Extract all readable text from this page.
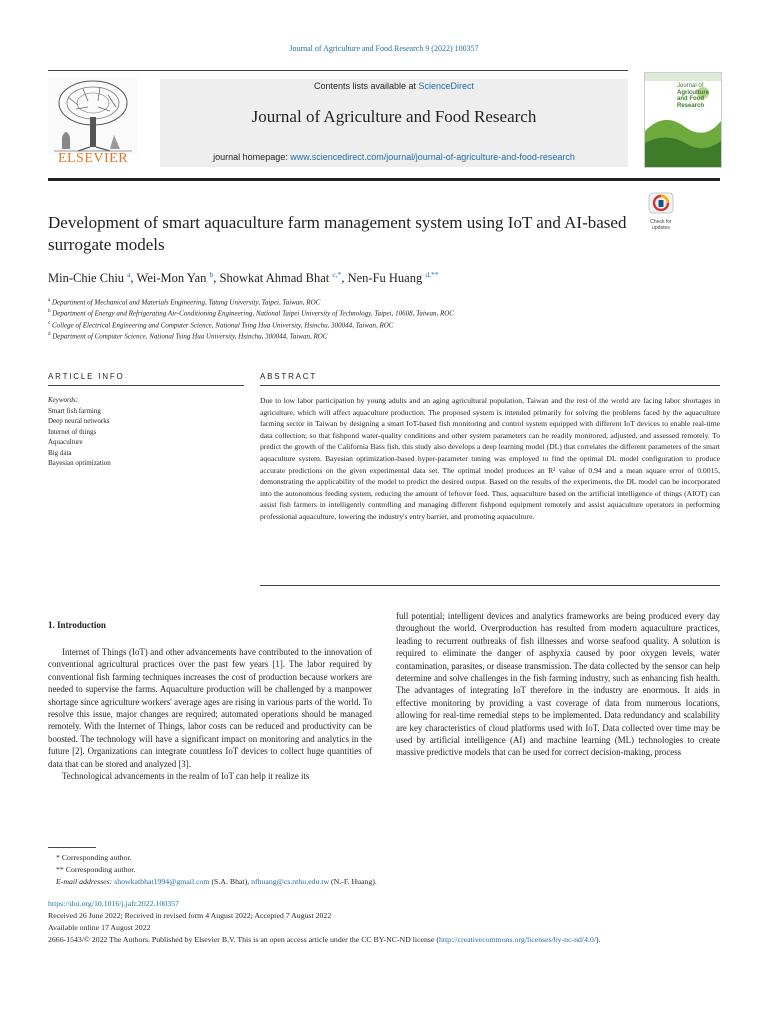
Journal of Agriculture and Food Research 9 (2022) 100357
ELSEVIER
Contents lists available at ScienceDirect
Journal of Agriculture and Food Research
journal homepage: www.sciencedirect.com/journal/journal-of-agriculture-and-food-research
Journal of
Agriculture
and Food
Research
Development of smart aquaculture farm management system using IoT and AI-based surrogate models
Check for
updates
Min-Chie Chiu $^a$, Wei-Mon Yan $^b$, Showkat Ahmad Bhat $^{c,*}$, Nen-Fu Huang $^{d,**}$
$^a$ Department of Mechanical and Materials Engineering, Tatung University, Taipei, Taiwan, ROC
$^b$ Department of Energy and Refrigerating Air-Conditioning Engineering, National Taipei University of Technology, Taipei, 10608, Taiwan, ROC
$^c$ College of Electrical Engineering and Computer Science, National Tsing Hua University, Hsinchu, 300044, Taiwan, ROC
$^d$ Department of Computer Science, National Tsing Hua University, Hsinchu, 300044, Taiwan, ROC
ARTICLE INFO	ABSTRACT
Keywords:
Smart fish farming
Deep neural networks
Internet of things
Aquaculture
Big data
Bayesian optimization
Due to low labor participation by young adults and an aging agricultural population, Taiwan and the rest of the world are facing labor shortages in agriculture, which will affect aquaculture production. The proposed system is intended primarily for solving the problems faced by the aquaculture farming sector in Taiwan by designing a smart IoT-based fish monitoring and control system equipped with different IoT devices to enable real-time data collection; so that fishpond water-quality conditions and other system parameters can be readily monitored, adjusted, and assessed remotely. To predict the growth of the California Bass fish, this study also develops a deep learning model (DL) that correlates the different parameters of the smart aquaculture system. Bayesian optimization-based hyper-parameter tuning was employed to find the optimal DL model configuration to produce accurate predictions on the given experimental data set. The optimal model produces an R² value of 0.94 and a mean square error of 0.0015, demonstrating the applicability of the model to predict the desired output. Based on the results of the experiments, the DL model can be incorporated into the autonomous feeding system, reducing the amount of leftover feed. Thus, aquaculture based on the artificial intelligence of things (AIOT) can assist fish farmers in intelligently controlling and managing different fishpond equipment remotely and assist aquaculture operators in performing professional aquaculture, lowering the industry's entry barrier, and promoting aquaculture.
1. Introduction

Internet of Things (IoT) and other advancements have contributed to the innovation of conventional agricultural practices over the past few years [1]. The labor required by conventional fish farming techniques increases the cost of production because workers are needed to supervise the farms. Aquaculture production will be challenged by a manpower shortage since agriculture workers' average ages are rising in various parts of the world. To resolve this issue, major changes are required; automated operations should be managed remotely. With the Internet of Things, labor costs can be reduced and productivity can be boosted. The technology will have a significant impact on monitoring and analytics in the future [2]. Organizations can integrate countless IoT devices to collect huge quantities of data that can be stored and analyzed [3].

Technological advancements in the realm of IoT can help it realize its

full potential; intelligent devices and analytics frameworks are being produced every day throughout the world. Overproduction has resulted from modern aquaculture practices, leading to recurrent outbreaks of fish illnesses and worse seafood quality. A solution is required to eliminate the danger of asphyxia caused by poor oxygen levels, water contamination, parasites, or disease transmission. The data collected by the sensor can help determine and solve challenges in the fish farming industry, such as enhancing fish health. The advantages of integrating IoT therefore in the industry are enormous. It aids in effective monitoring by providing a vast coverage of data from numerous locations, allowing for real-time remedial steps to be implemented. Data redundancy and scalability are key characteristics of cloud platforms used with IoT. Data collected over time may be used by artificial intelligence (AI) and machine learning (ML) technologies to create massive predictive models that can be used for correct decision-making, process

* Corresponding author.
** Corresponding author.
E-mail addresses: showkatbhat1994@gmail.com (S.A. Bhat), nfhuang@cs.nthu.edu.tw (N.-F. Huang).
https://doi.org/10.1016/j.jafr.2022.100357
Received 26 June 2022; Received in revised form 4 August 2022; Accepted 7 August 2022
Available online 17 August 2022
2666-1543/© 2022 The Authors. Published by Elsevier B.V. This is an open access article under the CC BY-NC-ND license (http://creativecommons.org/licenses/by-nc-nd/4.0/).
